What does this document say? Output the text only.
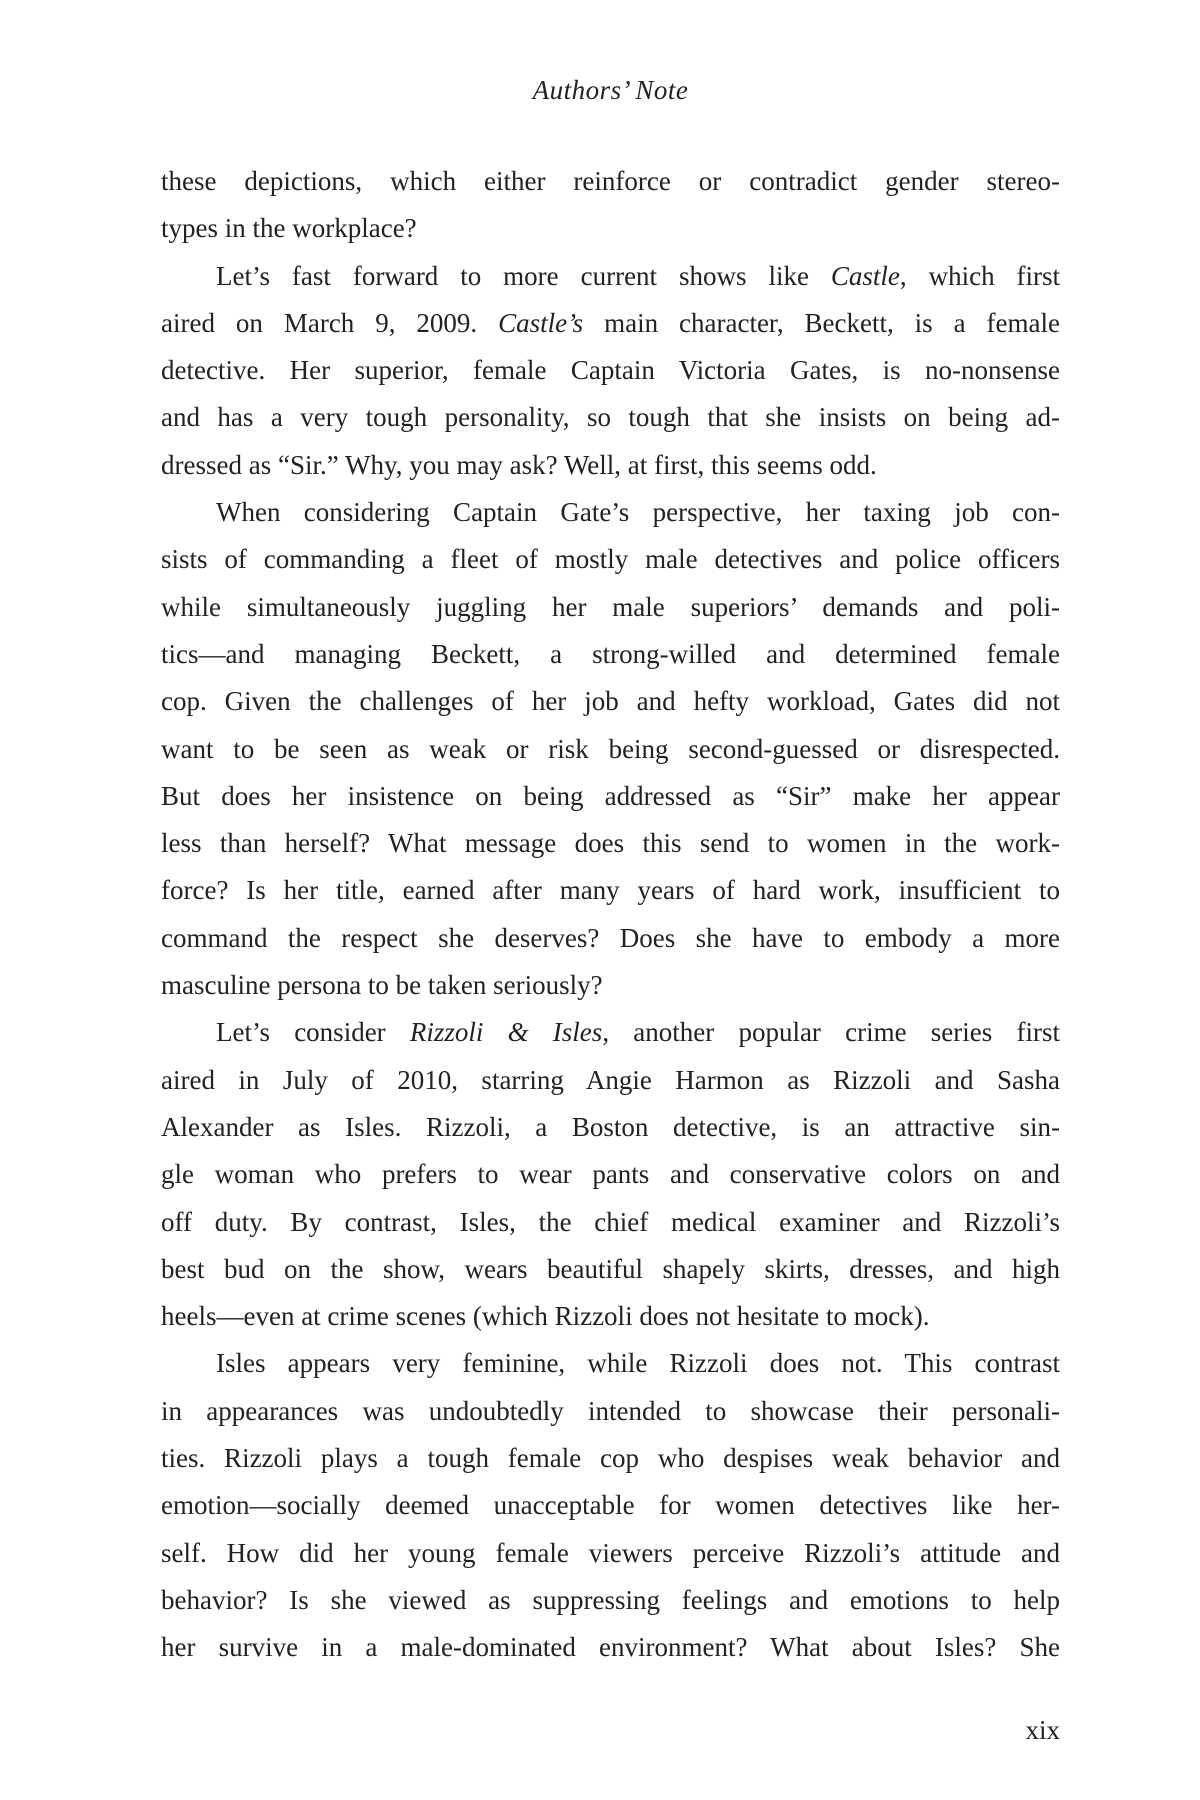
Authors’ Note
these depictions, which either reinforce or contradict gender stereo-
types in the workplace?
Let’s fast forward to more current shows like Castle, which first
aired on March 9, 2009. Castle’s main character, Beckett, is a female
detective. Her superior, female Captain Victoria Gates, is no-nonsense
and has a very tough personality, so tough that she insists on being ad-
dressed as “Sir.” Why, you may ask? Well, at first, this seems odd.
When considering Captain Gate’s perspective, her taxing job con-
sists of commanding a fleet of mostly male detectives and police officers
while simultaneously juggling her male superiors’ demands and poli-
tics—and managing Beckett, a strong-willed and determined female
cop. Given the challenges of her job and hefty workload, Gates did not
want to be seen as weak or risk being second-guessed or disrespected.
But does her insistence on being addressed as “Sir” make her appear
less than herself? What message does this send to women in the work-
force? Is her title, earned after many years of hard work, insufficient to
command the respect she deserves? Does she have to embody a more
masculine persona to be taken seriously?
Let’s consider Rizzoli & Isles, another popular crime series first
aired in July of 2010, starring Angie Harmon as Rizzoli and Sasha
Alexander as Isles. Rizzoli, a Boston detective, is an attractive sin-
gle woman who prefers to wear pants and conservative colors on and
off duty. By contrast, Isles, the chief medical examiner and Rizzoli’s
best bud on the show, wears beautiful shapely skirts, dresses, and high
heels—even at crime scenes (which Rizzoli does not hesitate to mock).
Isles appears very feminine, while Rizzoli does not. This contrast
in appearances was undoubtedly intended to showcase their personali-
ties. Rizzoli plays a tough female cop who despises weak behavior and
emotion—socially deemed unacceptable for women detectives like her-
self. How did her young female viewers perceive Rizzoli’s attitude and
behavior? Is she viewed as suppressing feelings and emotions to help
her survive in a male-dominated environment? What about Isles? She
xix
